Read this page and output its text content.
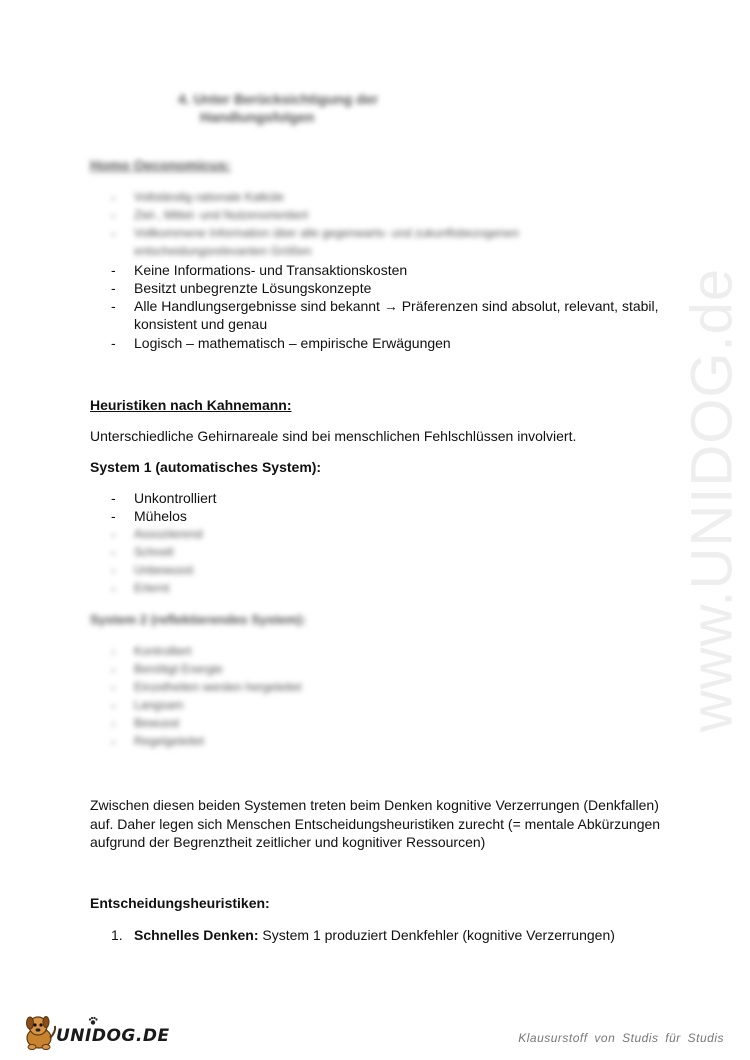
www.UNIDOG.de
4. Unter Berücksichtigung der
Handlungsfolgen
Homo Oeconomicus:
- Vollständig rationale Kalküle
- Ziel-, Mittel- und Nutzenorientiert
- Vollkommene Information über alle gegenwarts- und zukunftsbezogenen
entscheidungsrelevanten Größen
- Keine Informations- und Transaktionskosten
- Besitzt unbegrenzte Lösungskonzepte
- Alle Handlungsergebnisse sind bekannt → Präferenzen sind absolut, relevant, stabil,
konsistent und genau
- Logisch – mathematisch – empirische Erwägungen
Heuristiken nach Kahnemann:
Unterschiedliche Gehirnareale sind bei menschlichen Fehlschlüssen involviert.
System 1 (automatisches System):
- Unkontrolliert
- Mühelos
- Assoziierend
- Schnell
- Unbewusst
- Erlernt
System 2 (reflektierendes System):
- Kontrolliert
- Benötigt Energie
- Einzelheiten werden hergeleitet
- Langsam
- Bewusst
- Regelgeleitet
Zwischen diesen beiden Systemen treten beim Denken kognitive Verzerrungen (Denkfallen)
auf. Daher legen sich Menschen Entscheidungsheuristiken zurecht (= mentale Abkürzungen
aufgrund der Begrenztheit zeitlicher und kognitiver Ressourcen)
Entscheidungsheuristiken:
1. Schnelles Denken: System 1 produziert Denkfehler (kognitive Verzerrungen)
UNIDOG.DE	Klausurstoff von Studis für Studis
